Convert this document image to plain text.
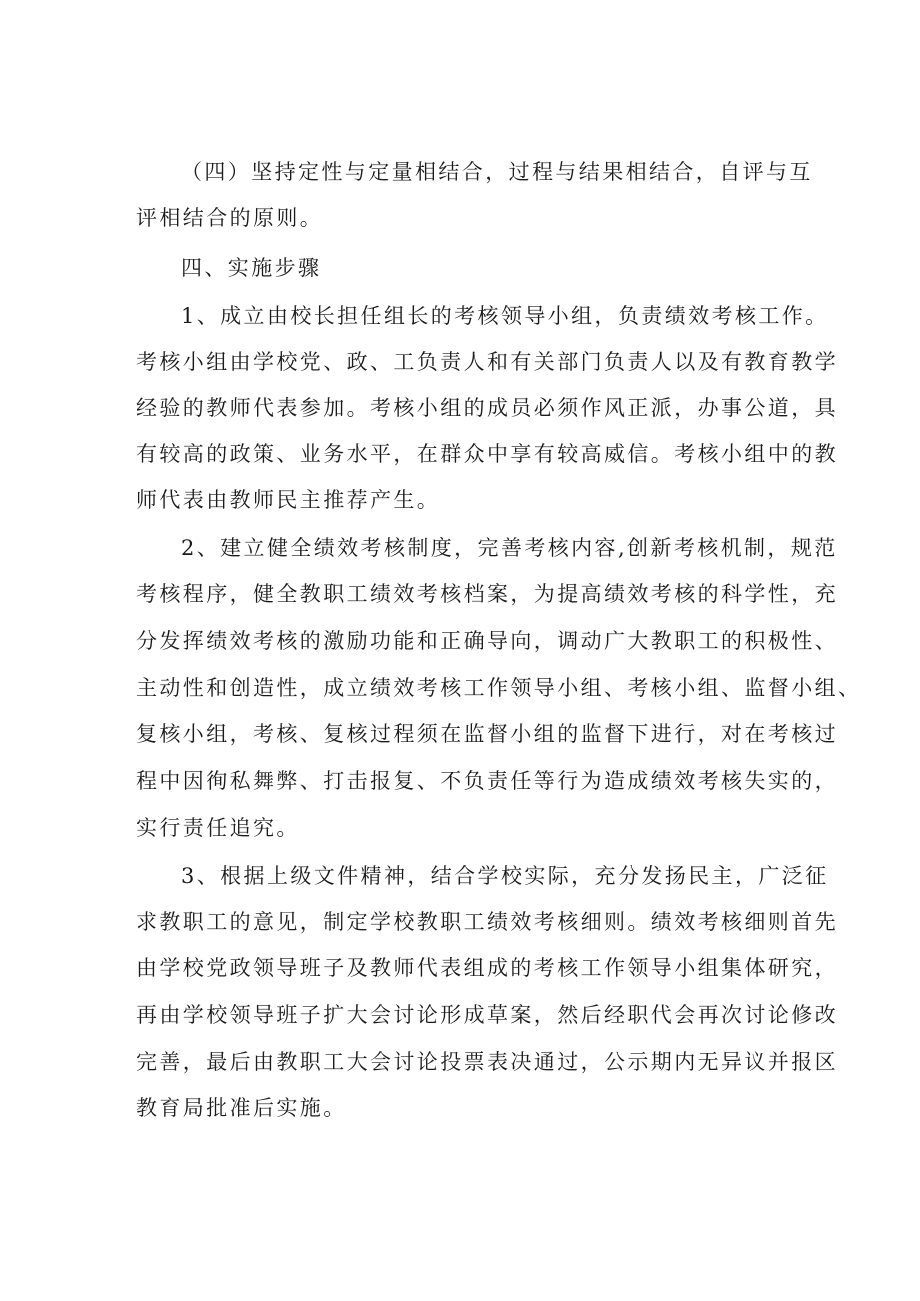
（四）坚持定性与定量相结合，过程与结果相结合，自评与互
评相结合的原则。
四、实施步骤
1、成立由校长担任组长的考核领导小组，负责绩效考核工作。
考核小组由学校党、政、工负责人和有关部门负责人以及有教育教学
经验的教师代表参加。考核小组的成员必须作风正派，办事公道，具
有较高的政策、业务水平，在群众中享有较高威信。考核小组中的教
师代表由教师民主推荐产生。
2、建立健全绩效考核制度，完善考核内容,创新考核机制，规范
考核程序，健全教职工绩效考核档案，为提高绩效考核的科学性，充
分发挥绩效考核的激励功能和正确导向，调动广大教职工的积极性、
主动性和创造性，成立绩效考核工作领导小组、考核小组、监督小组、
复核小组，考核、复核过程须在监督小组的监督下进行，对在考核过
程中因徇私舞弊、打击报复、不负责任等行为造成绩效考核失实的，
实行责任追究。
3、根据上级文件精神，结合学校实际，充分发扬民主，广泛征
求教职工的意见，制定学校教职工绩效考核细则。绩效考核细则首先
由学校党政领导班子及教师代表组成的考核工作领导小组集体研究，
再由学校领导班子扩大会讨论形成草案，然后经职代会再次讨论修改
完善，最后由教职工大会讨论投票表决通过，公示期内无异议并报区
教育局批准后实施。
